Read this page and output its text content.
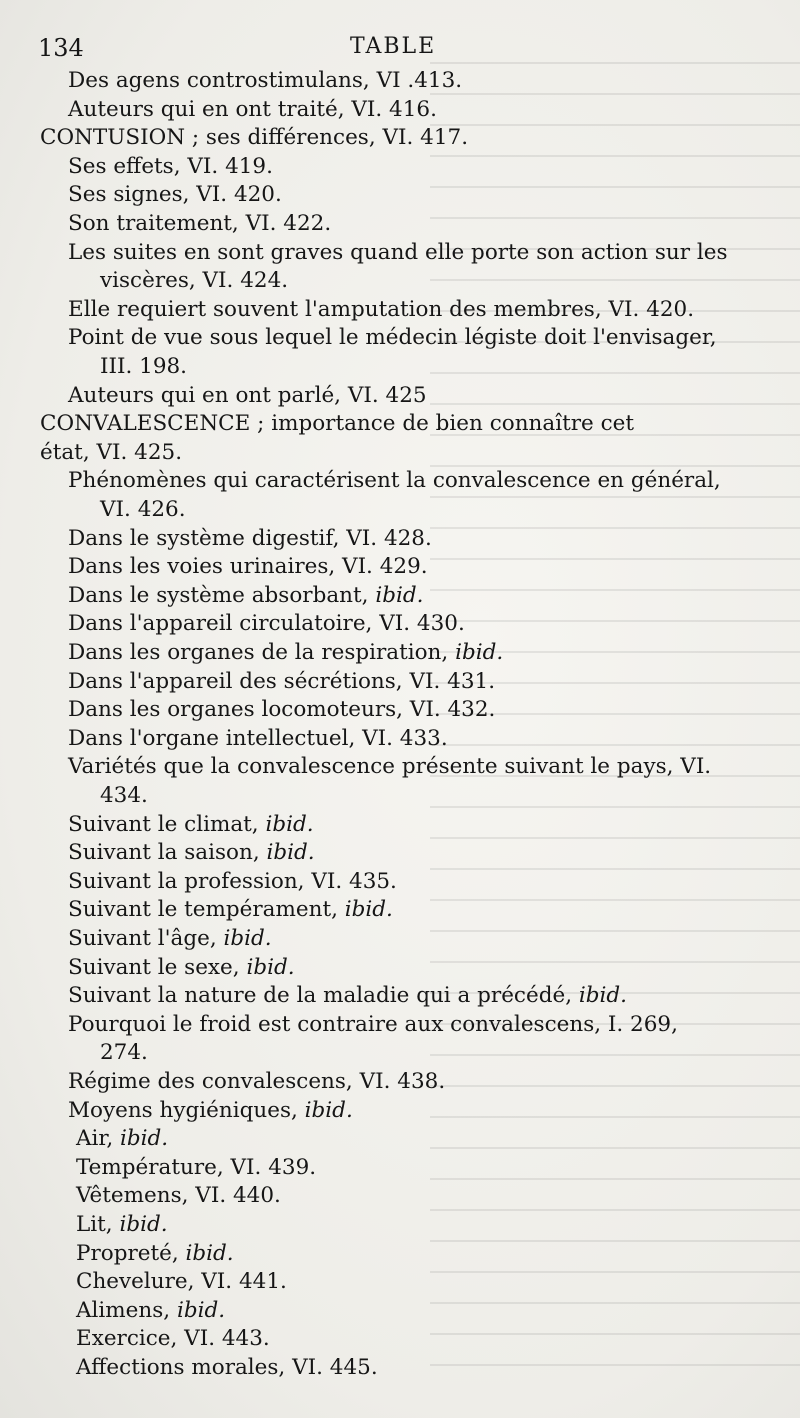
134	TABLE
Des agens controstimulans, VI .413.
Auteurs qui en ont traité, VI. 416.
CONTUSION ; ses différences, VI. 417.
Ses effets, VI. 419.
Ses signes, VI. 420.
Son traitement, VI. 422.
Les suites en sont graves quand elle porte son action sur les
viscères, VI. 424.
Elle requiert souvent l'amputation des membres, VI. 420.
Point de vue sous lequel le médecin légiste doit l'envisager,
III. 198.
Auteurs qui en ont parlé, VI. 425
CONVALESCENCE ; importance de bien connaître cet
état, VI. 425.
Phénomènes qui caractérisent la convalescence en général,
VI. 426.
Dans le système digestif, VI. 428.
Dans les voies urinaires, VI. 429.
Dans le système absorbant, ibid.
Dans l'appareil circulatoire, VI. 430.
Dans les organes de la respiration, ibid.
Dans l'appareil des sécrétions, VI. 431.
Dans les organes locomoteurs, VI. 432.
Dans l'organe intellectuel, VI. 433.
Variétés que la convalescence présente suivant le pays, VI.
434.
Suivant le climat, ibid.
Suivant la saison, ibid.
Suivant la profession, VI. 435.
Suivant le tempérament, ibid.
Suivant l'âge, ibid.
Suivant le sexe, ibid.
Suivant la nature de la maladie qui a précédé, ibid.
Pourquoi le froid est contraire aux convalescens, I. 269,
274.
Régime des convalescens, VI. 438.
Moyens hygiéniques, ibid.
Air, ibid.
Température, VI. 439.
Vêtemens, VI. 440.
Lit, ibid.
Propreté, ibid.
Chevelure, VI. 441.
Alimens, ibid.
Exercice, VI. 443.
Affections morales, VI. 445.
